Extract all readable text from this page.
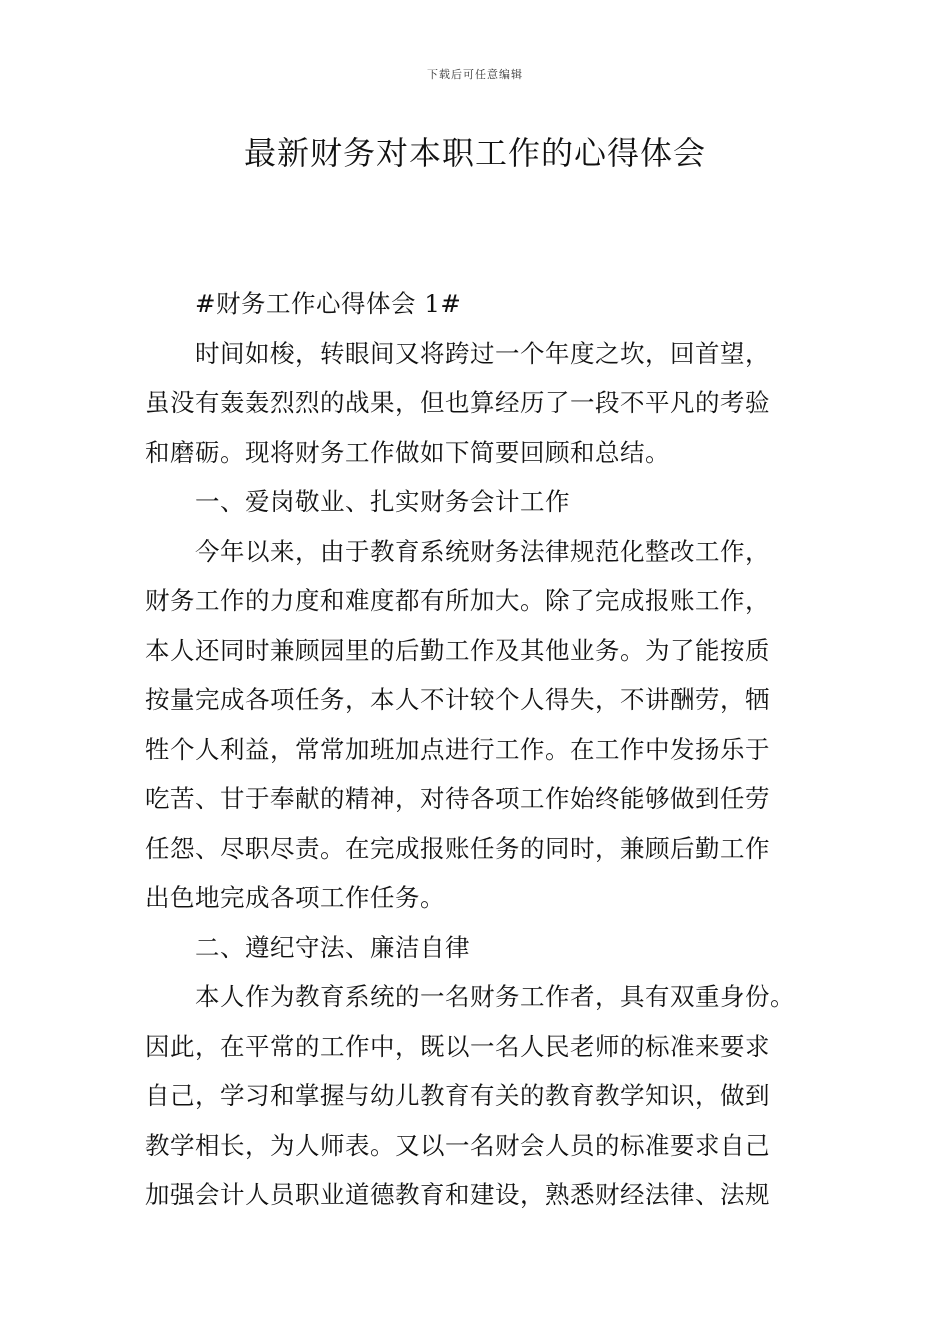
下载后可任意编辑
最新财务对本职工作的心得体会
#财务工作心得体会 1#
时间如梭，转眼间又将跨过一个年度之坎，回首望，
虽没有轰轰烈烈的战果，但也算经历了一段不平凡的考验
和磨砺。现将财务工作做如下简要回顾和总结。
一、爱岗敬业、扎实财务会计工作
今年以来，由于教育系统财务法律规范化整改工作，
财务工作的力度和难度都有所加大。除了完成报账工作，
本人还同时兼顾园里的后勤工作及其他业务。为了能按质
按量完成各项任务，本人不计较个人得失，不讲酬劳，牺
牲个人利益，常常加班加点进行工作。在工作中发扬乐于
吃苦、甘于奉献的精神，对待各项工作始终能够做到任劳
任怨、尽职尽责。在完成报账任务的同时，兼顾后勤工作
出色地完成各项工作任务。
二、遵纪守法、廉洁自律
本人作为教育系统的一名财务工作者，具有双重身份。
因此，在平常的工作中，既以一名人民老师的标准来要求
自己，学习和掌握与幼儿教育有关的教育教学知识，做到
教学相长，为人师表。又以一名财会人员的标准要求自己
加强会计人员职业道德教育和建设，熟悉财经法律、法规
